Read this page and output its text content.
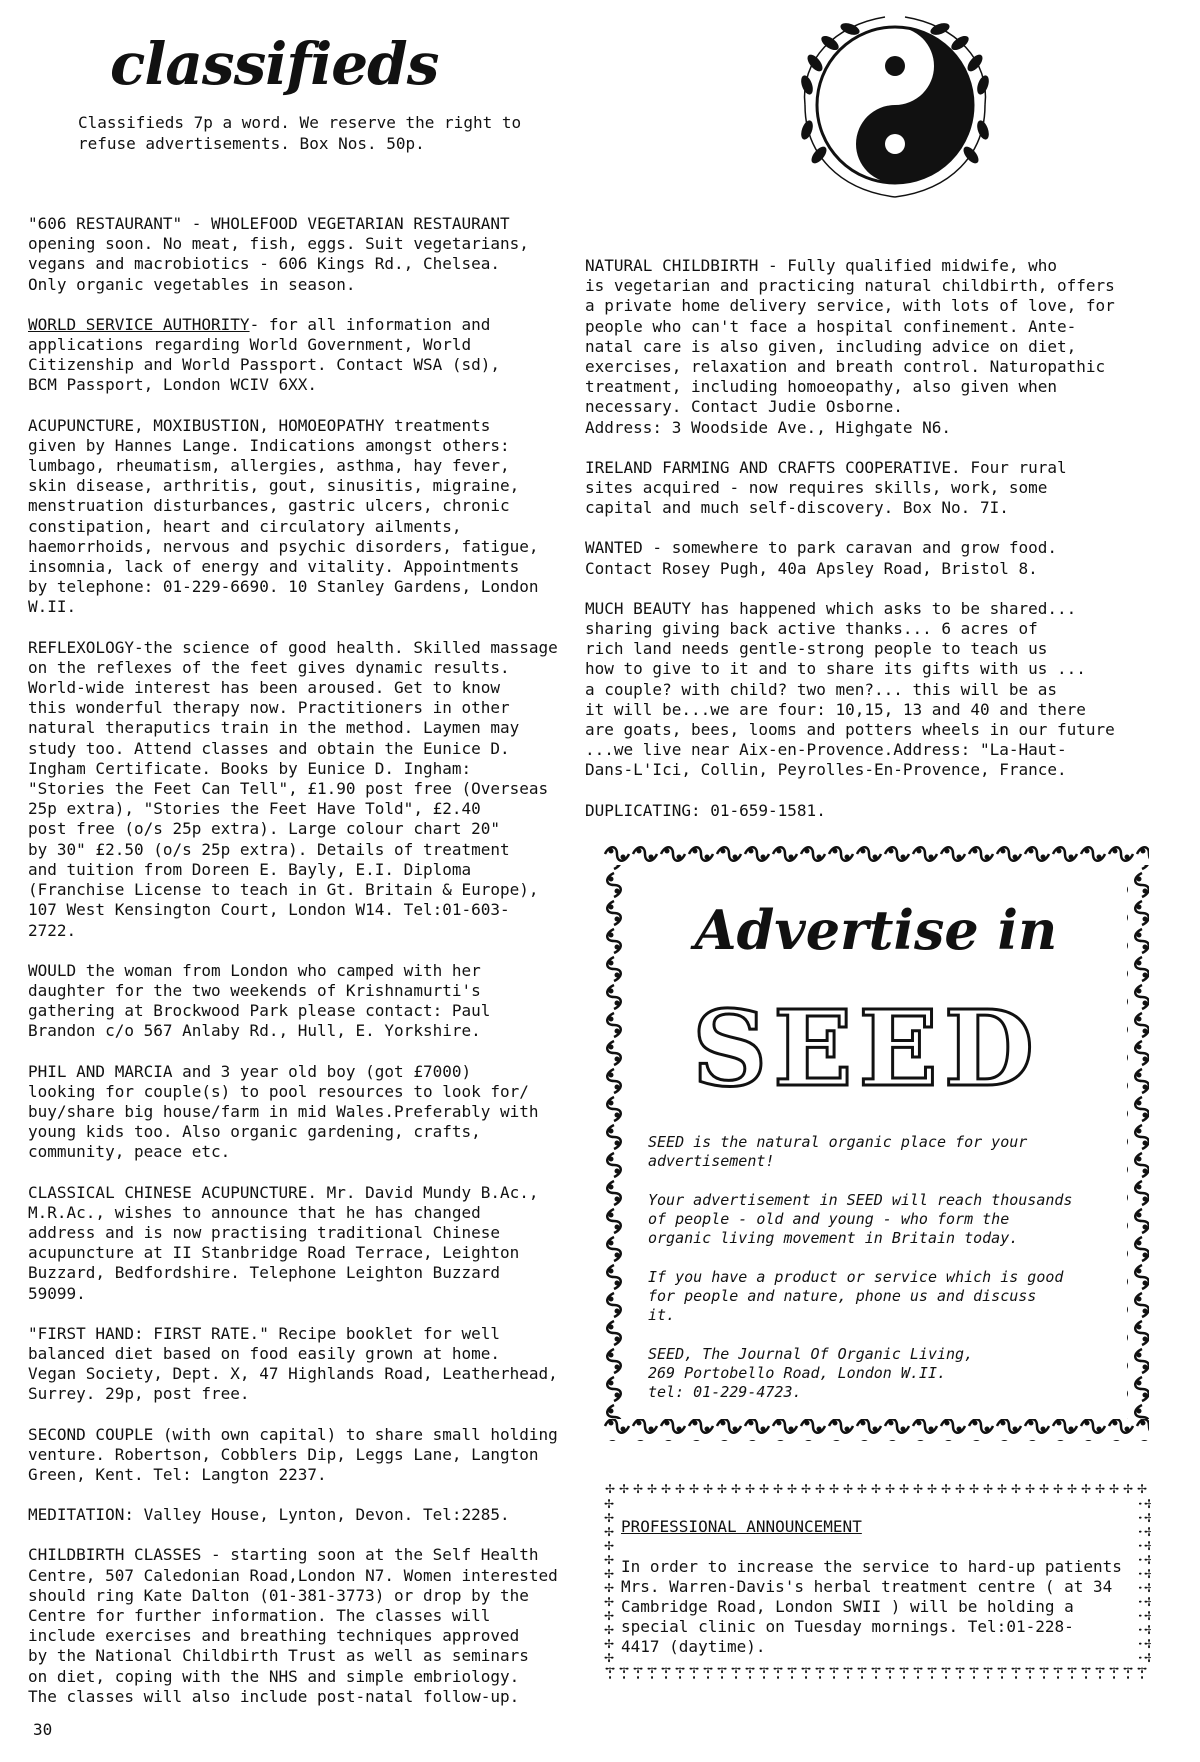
classifieds
Classifieds 7p a word. We reserve the right to
refuse advertisements. Box Nos. 50p.
"606 RESTAURANT" - WHOLEFOOD VEGETARIAN RESTAURANT
opening soon. No meat, fish, eggs. Suit vegetarians,
vegans and macrobiotics - 606 Kings Rd., Chelsea.
Only organic vegetables in season.
WORLD SERVICE AUTHORITY- for all information and
applications regarding World Government, World
Citizenship and World Passport. Contact WSA (sd),
BCM Passport, London WCIV 6XX.
ACUPUNCTURE, MOXIBUSTION, HOMOEOPATHY treatments
given by Hannes Lange. Indications amongst others:
lumbago, rheumatism, allergies, asthma, hay fever,
skin disease, arthritis, gout, sinusitis, migraine,
menstruation disturbances, gastric ulcers, chronic
constipation, heart and circulatory ailments,
haemorrhoids, nervous and psychic disorders, fatigue,
insomnia, lack of energy and vitality. Appointments
by telephone: 01-229-6690. 10 Stanley Gardens, London
W.II.
REFLEXOLOGY-the science of good health. Skilled massage
on the reflexes of the feet gives dynamic results.
World-wide interest has been aroused. Get to know
this wonderful therapy now. Practitioners in other
natural theraputics train in the method. Laymen may
study too. Attend classes and obtain the Eunice D.
Ingham Certificate. Books by Eunice D. Ingham:
"Stories the Feet Can Tell", £1.90 post free (Overseas
25p extra), "Stories the Feet Have Told", £2.40
post free (o/s 25p extra). Large colour chart 20"
by 30" £2.50 (o/s 25p extra). Details of treatment
and tuition from Doreen E. Bayly, E.I. Diploma
(Franchise License to teach in Gt. Britain & Europe),
107 West Kensington Court, London W14. Tel:01-603-
2722.
WOULD the woman from London who camped with her
daughter for the two weekends of Krishnamurti's
gathering at Brockwood Park please contact: Paul
Brandon c/o 567 Anlaby Rd., Hull, E. Yorkshire.
PHIL AND MARCIA and 3 year old boy (got £7000)
looking for couple(s) to pool resources to look for/
buy/share big house/farm in mid Wales.Preferably with
young kids too. Also organic gardening, crafts,
community, peace etc.
CLASSICAL CHINESE ACUPUNCTURE. Mr. David Mundy B.Ac.,
M.R.Ac., wishes to announce that he has changed
address and is now practising traditional Chinese
acupuncture at II Stanbridge Road Terrace, Leighton
Buzzard, Bedfordshire. Telephone Leighton Buzzard
59099.
"FIRST HAND: FIRST RATE." Recipe booklet for well
balanced diet based on food easily grown at home.
Vegan Society, Dept. X, 47 Highlands Road, Leatherhead,
Surrey. 29p, post free.
SECOND COUPLE (with own capital) to share small holding
venture. Robertson, Cobblers Dip, Leggs Lane, Langton
Green, Kent. Tel: Langton 2237.
MEDITATION: Valley House, Lynton, Devon. Tel:2285.
CHILDBIRTH CLASSES - starting soon at the Self Health
Centre, 507 Caledonian Road,London N7. Women interested
should ring Kate Dalton (01-381-3773) or drop by the
Centre for further information. The classes will
include exercises and breathing techniques approved
by the National Childbirth Trust as well as seminars
on diet, coping with the NHS and simple embriology.
The classes will also include post-natal follow-up.
NATURAL CHILDBIRTH - Fully qualified midwife, who
is vegetarian and practicing natural childbirth, offers
a private home delivery service, with lots of love, for
people who can't face a hospital confinement. Ante-
natal care is also given, including advice on diet,
exercises, relaxation and breath control. Naturopathic
treatment, including homoeopathy, also given when
necessary. Contact Judie Osborne.
Address: 3 Woodside Ave., Highgate N6.
IRELAND FARMING AND CRAFTS COOPERATIVE. Four rural
sites acquired - now requires skills, work, some
capital and much self-discovery. Box No. 7I.
WANTED - somewhere to park caravan and grow food.
Contact Rosey Pugh, 40a Apsley Road, Bristol 8.
MUCH BEAUTY has happened which asks to be shared...
sharing giving back active thanks... 6 acres of
rich land needs gentle-strong people to teach us
how to give to it and to share its gifts with us ...
a couple? with child? two men?... this will be as
it will be...we are four: 10,15, 13 and 40 and there
are goats, bees, looms and potters wheels in our future
...we live near Aix-en-Provence.Address: "La-Haut-
Dans-L'Ici, Collin, Peyrolles-En-Provence, France.
DUPLICATING: 01-659-1581.
Advertise in
SEED

SEED is the natural organic place for your
advertisement!

Your advertisement in SEED will reach thousands
of people - old and young - who form the
organic living movement in Britain today.

If you have a product or service which is good
for people and nature, phone us and discuss
it.

SEED, The Journal Of Organic Living,
269 Portobello Road, London W.II.
tel: 01-229-4723.

PROFESSIONAL ANNOUNCEMENT
In order to increase the service to hard-up patients
Mrs. Warren-Davis's herbal treatment centre ( at 34
Cambridge Road, London SWII ) will be holding a
special clinic on Tuesday mornings. Tel:01-228-
4417 (daytime).
30
